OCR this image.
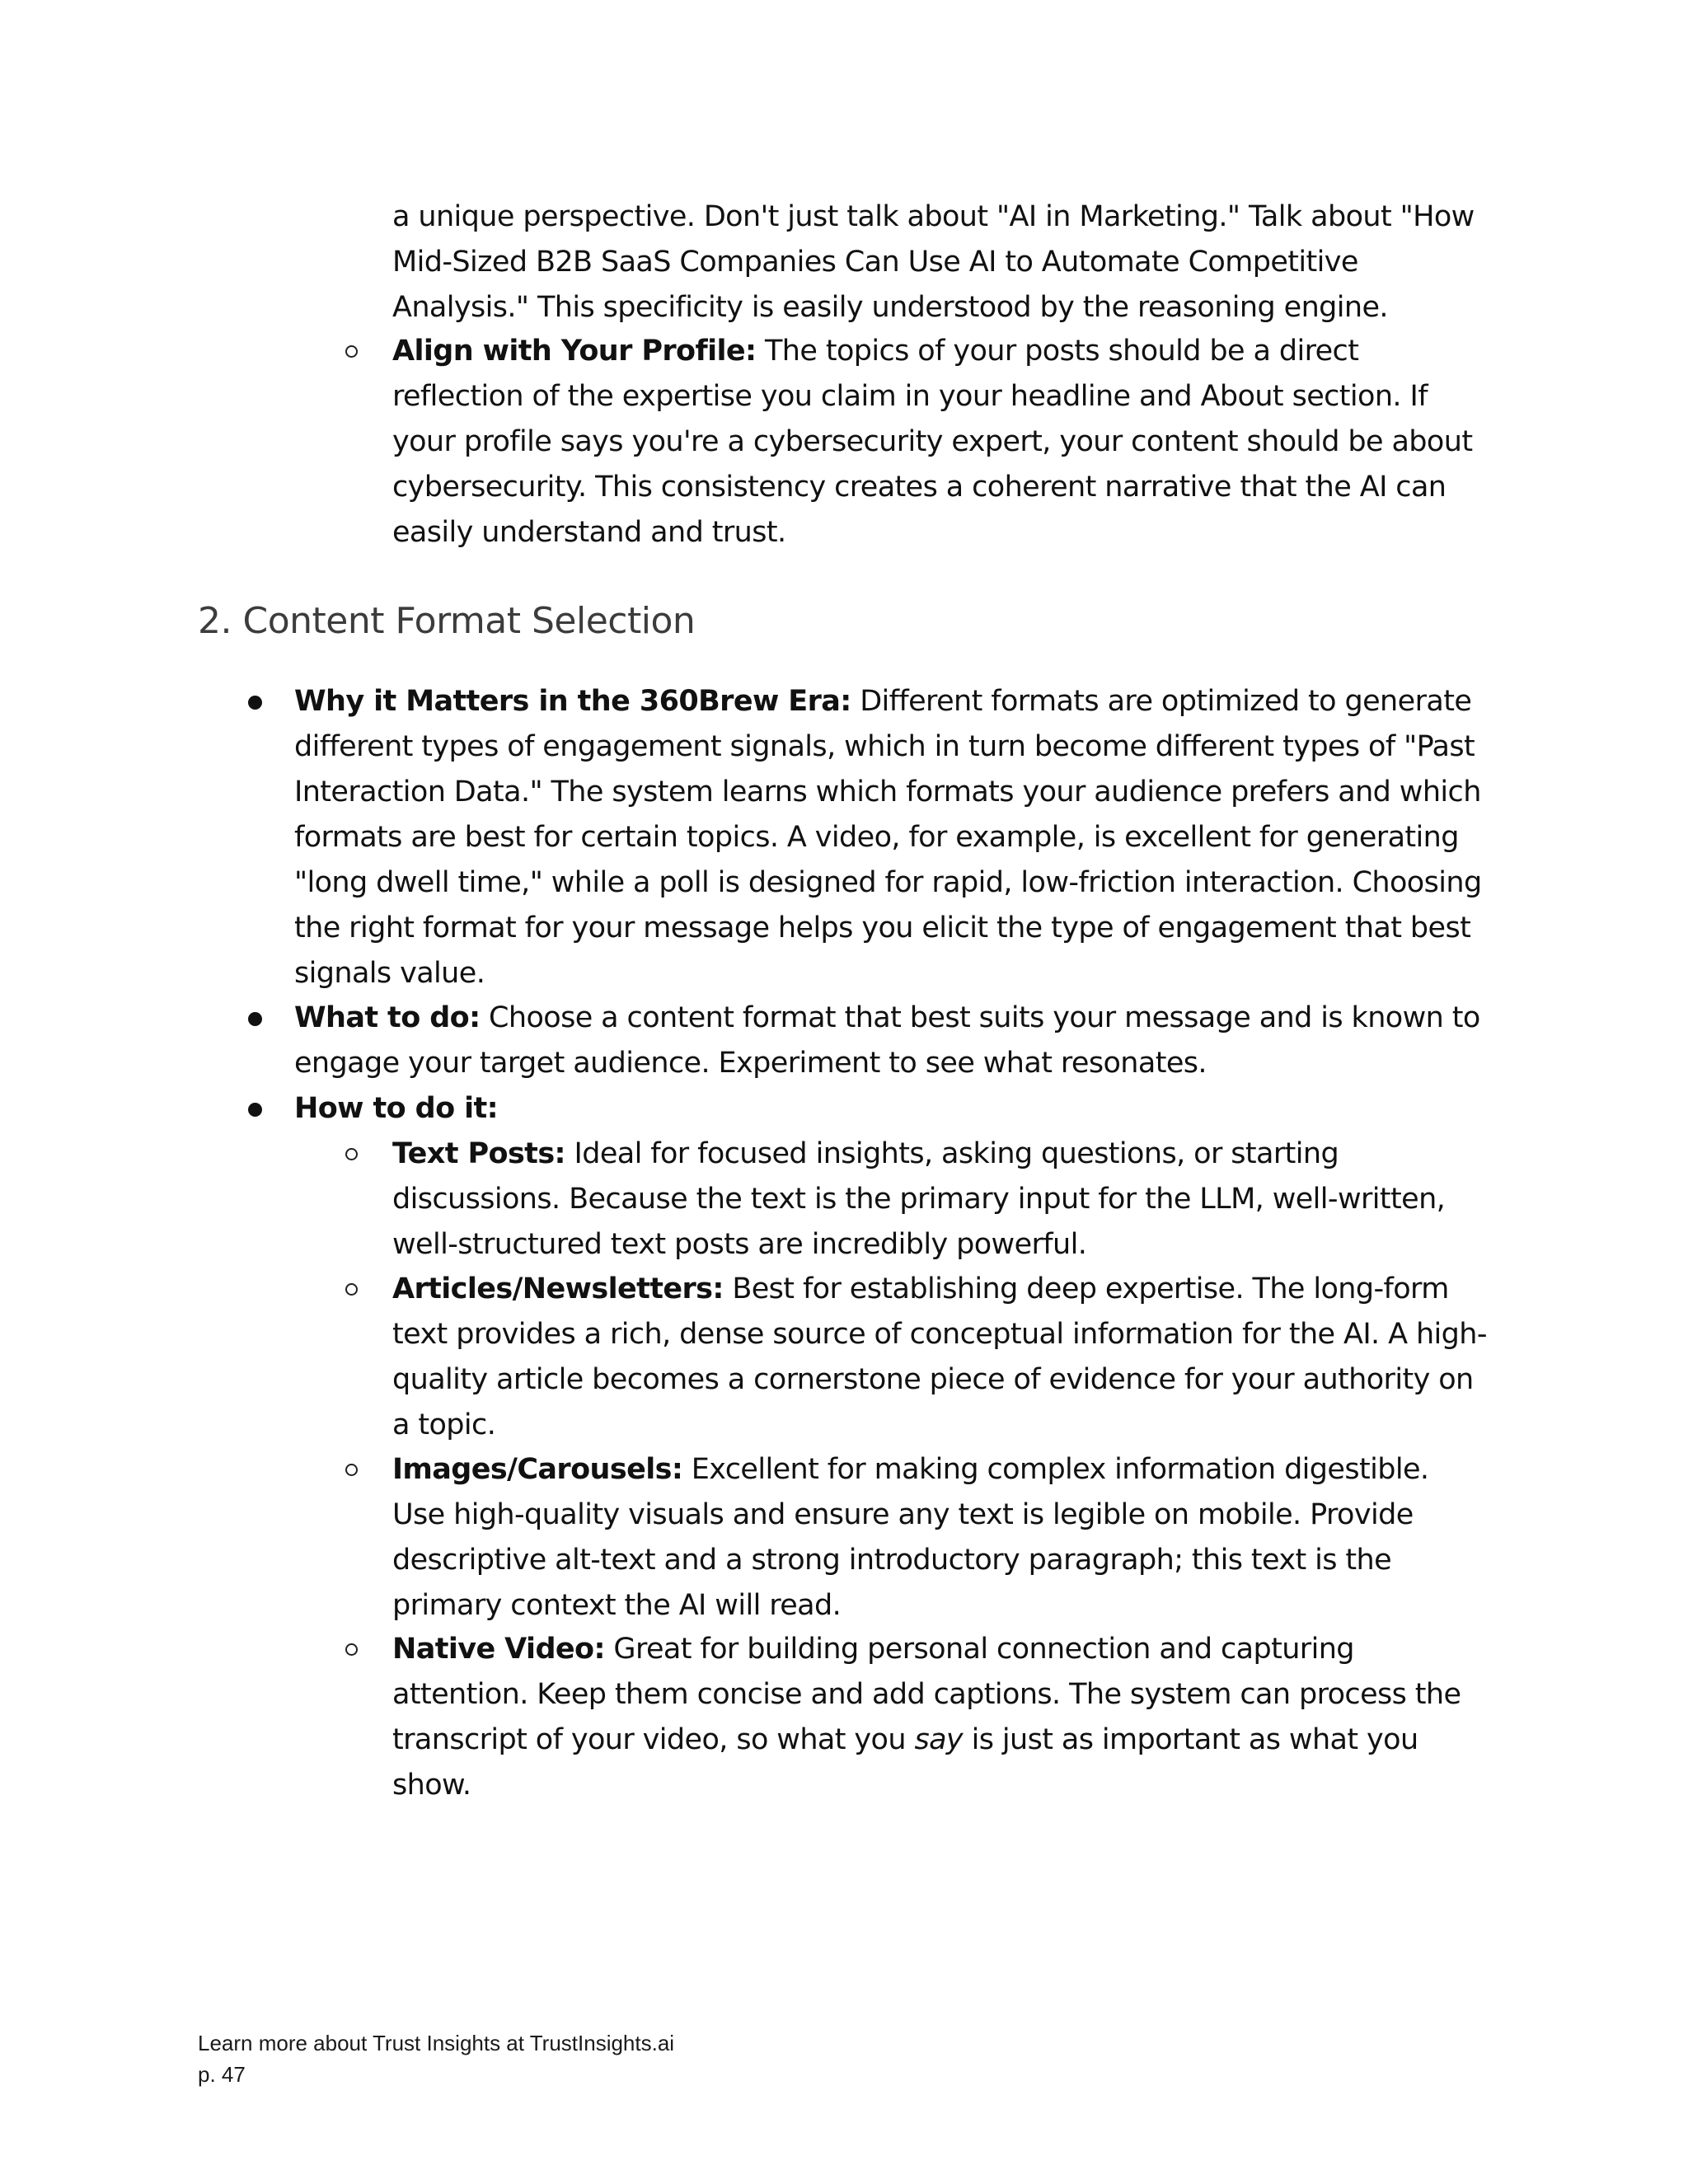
a unique perspective. Don't just talk about "AI in Marketing." Talk about "How Mid-Sized B2B SaaS Companies Can Use AI to Automate Competitive Analysis." This specificity is easily understood by the reasoning engine.

Align with Your Profile: The topics of your posts should be a direct reflection of the expertise you claim in your headline and About section. If your profile says you're a cybersecurity expert, your content should be about cybersecurity. This consistency creates a coherent narrative that the AI can easily understand and trust.

2. Content Format Selection

Why it Matters in the 360Brew Era: Different formats are optimized to generate different types of engagement signals, which in turn become different types of "Past Interaction Data." The system learns which formats your audience prefers and which formats are best for certain topics. A video, for example, is excellent for generating "long dwell time," while a poll is designed for rapid, low-friction interaction. Choosing the right format for your message helps you elicit the type of engagement that best signals value.

What to do: Choose a content format that best suits your message and is known to engage your target audience. Experiment to see what resonates.

How to do it:

Text Posts: Ideal for focused insights, asking questions, or starting discussions. Because the text is the primary input for the LLM, well-written, well-structured text posts are incredibly powerful.

Articles/Newsletters: Best for establishing deep expertise. The long-form text provides a rich, dense source of conceptual information for the AI. A high-quality article becomes a cornerstone piece of evidence for your authority on a topic.

Images/Carousels: Excellent for making complex information digestible. Use high-quality visuals and ensure any text is legible on mobile. Provide descriptive alt-text and a strong introductory paragraph; this text is the primary context the AI will read.

Native Video: Great for building personal connection and capturing attention. Keep them concise and add captions. The system can process the transcript of your video, so what you say is just as important as what you show.

Learn more about Trust Insights at TrustInsights.ai
p. 47
